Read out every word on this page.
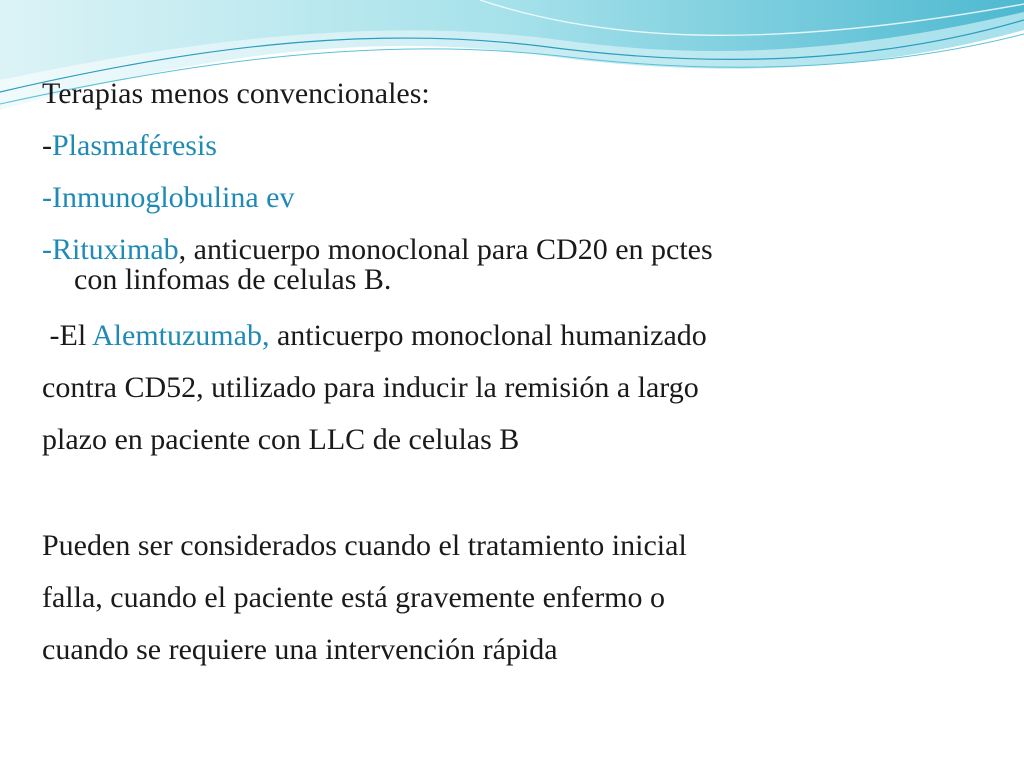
Terapias menos convencionales:
-Plasmaféresis
-Inmunoglobulina ev
-Rituximab, anticuerpo monoclonal para CD20 en pctes
con linfomas de celulas B.
-El Alemtuzumab, anticuerpo monoclonal humanizado
contra CD52, utilizado para inducir la remisión a largo
plazo en paciente con LLC de celulas B
Pueden ser considerados cuando el tratamiento inicial
falla, cuando el paciente está gravemente enfermo o
cuando se requiere una intervención rápida
